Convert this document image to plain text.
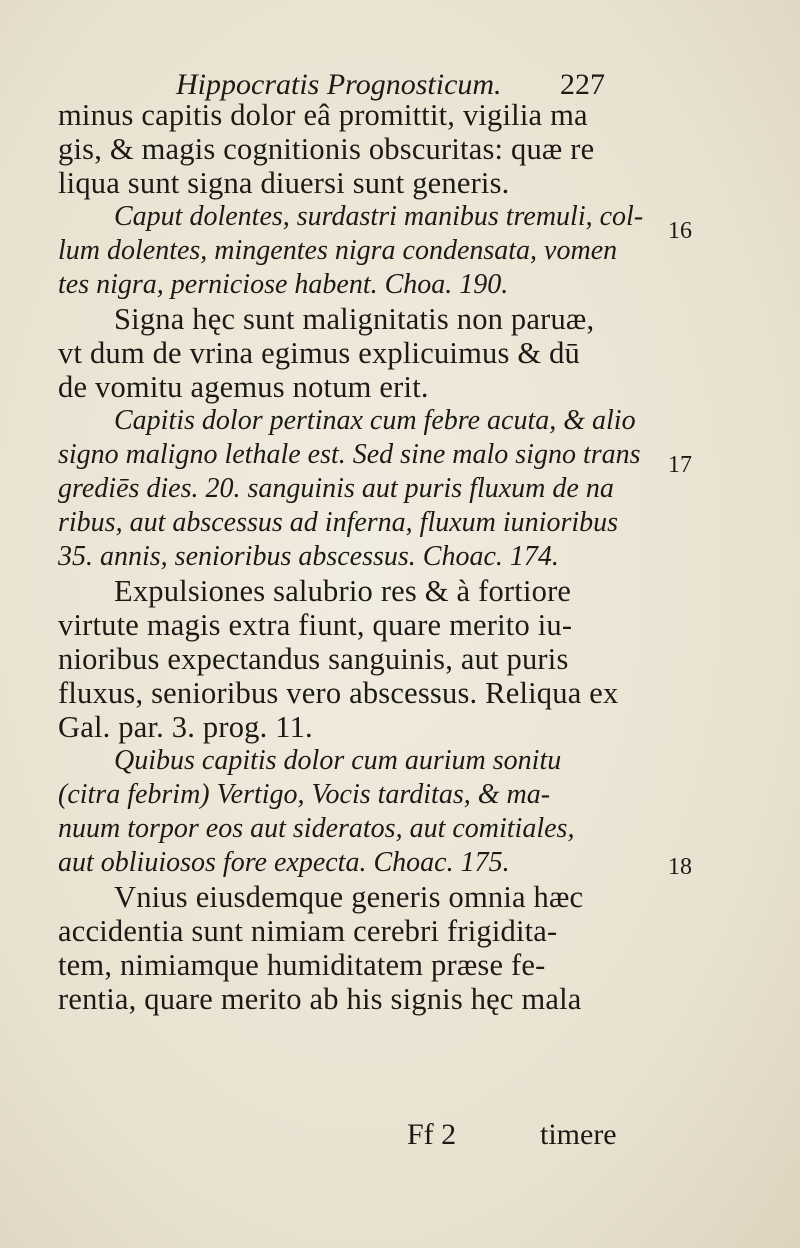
Hippocratis Prognosticum. 227
minus capitis dolor eâ promittit, vigilia ma
gis, & magis cognitionis obscuritas: quæ re
liqua sunt signa diuersi sunt generis.
Caput dolentes, surdastri manibus tremuli, col-
lum dolentes, mingentes nigra condensata, vomen
tes nigra, perniciose habent. Choa. 190.
Signa hęc sunt malignitatis non paruæ,
vt dum de vrina egimus explicuimus & dū
de vomitu agemus notum erit.
Capitis dolor pertinax cum febre acuta, & alio
signo maligno lethale est. Sed sine malo signo trans
grediēs dies. 20. sanguinis aut puris fluxum de na
ribus, aut abscessus ad inferna, fluxum iunioribus
35. annis, senioribus abscessus. Choac. 174.
Expulsiones salubrio res & à fortiore
virtute magis extra fiunt, quare merito iu-
nioribus expectandus sanguinis, aut puris
fluxus, senioribus vero abscessus. Reliqua ex
Gal. par. 3. prog. 11.
Quibus capitis dolor cum aurium sonitu
(citra febrim) Vertigo, Vocis tarditas, & ma-
nuum torpor eos aut sideratos, aut comitiales,
aut obliuiosos fore expecta. Choac. 175.
Vnius eiusdemque generis omnia hæc
accidentia sunt nimiam cerebri frigidita-
tem, nimiamque humiditatem præse fe-
rentia, quare merito ab his signis hęc mala
16
17
18
Ff 2	timere
